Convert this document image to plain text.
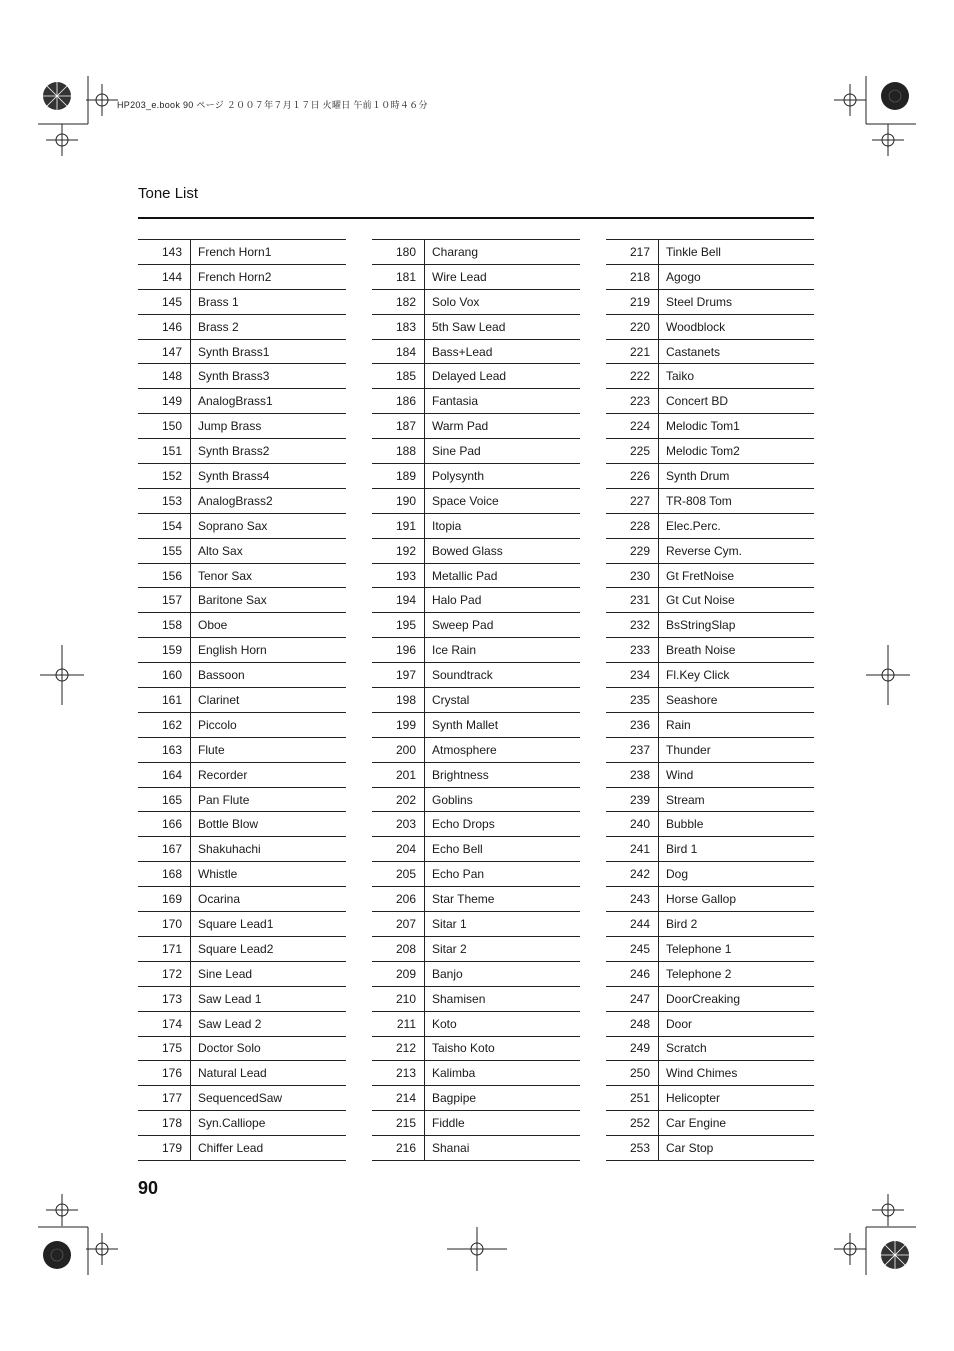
HP203_e.book 90 ページ ２００７年７月１７日 火曜日 午前１０時４６分
Tone List
143	French Horn1
144	French Horn2
145	Brass 1
146	Brass 2
147	Synth Brass1
148	Synth Brass3
149	AnalogBrass1
150	Jump Brass
151	Synth Brass2
152	Synth Brass4
153	AnalogBrass2
154	Soprano Sax
155	Alto Sax
156	Tenor Sax
157	Baritone Sax
158	Oboe
159	English Horn
160	Bassoon
161	Clarinet
162	Piccolo
163	Flute
164	Recorder
165	Pan Flute
166	Bottle Blow
167	Shakuhachi
168	Whistle
169	Ocarina
170	Square Lead1
171	Square Lead2
172	Sine Lead
173	Saw Lead 1
174	Saw Lead 2
175	Doctor Solo
176	Natural Lead
177	SequencedSaw
178	Syn.Calliope
179	Chiffer Lead
180	Charang
181	Wire Lead
182	Solo Vox
183	5th Saw Lead
184	Bass+Lead
185	Delayed Lead
186	Fantasia
187	Warm Pad
188	Sine Pad
189	Polysynth
190	Space Voice
191	Itopia
192	Bowed Glass
193	Metallic Pad
194	Halo Pad
195	Sweep Pad
196	Ice Rain
197	Soundtrack
198	Crystal
199	Synth Mallet
200	Atmosphere
201	Brightness
202	Goblins
203	Echo Drops
204	Echo Bell
205	Echo Pan
206	Star Theme
207	Sitar 1
208	Sitar 2
209	Banjo
210	Shamisen
211	Koto
212	Taisho Koto
213	Kalimba
214	Bagpipe
215	Fiddle
216	Shanai
217	Tinkle Bell
218	Agogo
219	Steel Drums
220	Woodblock
221	Castanets
222	Taiko
223	Concert BD
224	Melodic Tom1
225	Melodic Tom2
226	Synth Drum
227	TR-808 Tom
228	Elec.Perc.
229	Reverse Cym.
230	Gt FretNoise
231	Gt Cut Noise
232	BsStringSlap
233	Breath Noise
234	Fl.Key Click
235	Seashore
236	Rain
237	Thunder
238	Wind
239	Stream
240	Bubble
241	Bird 1
242	Dog
243	Horse Gallop
244	Bird 2
245	Telephone 1
246	Telephone 2
247	DoorCreaking
248	Door
249	Scratch
250	Wind Chimes
251	Helicopter
252	Car Engine
253	Car Stop
90
